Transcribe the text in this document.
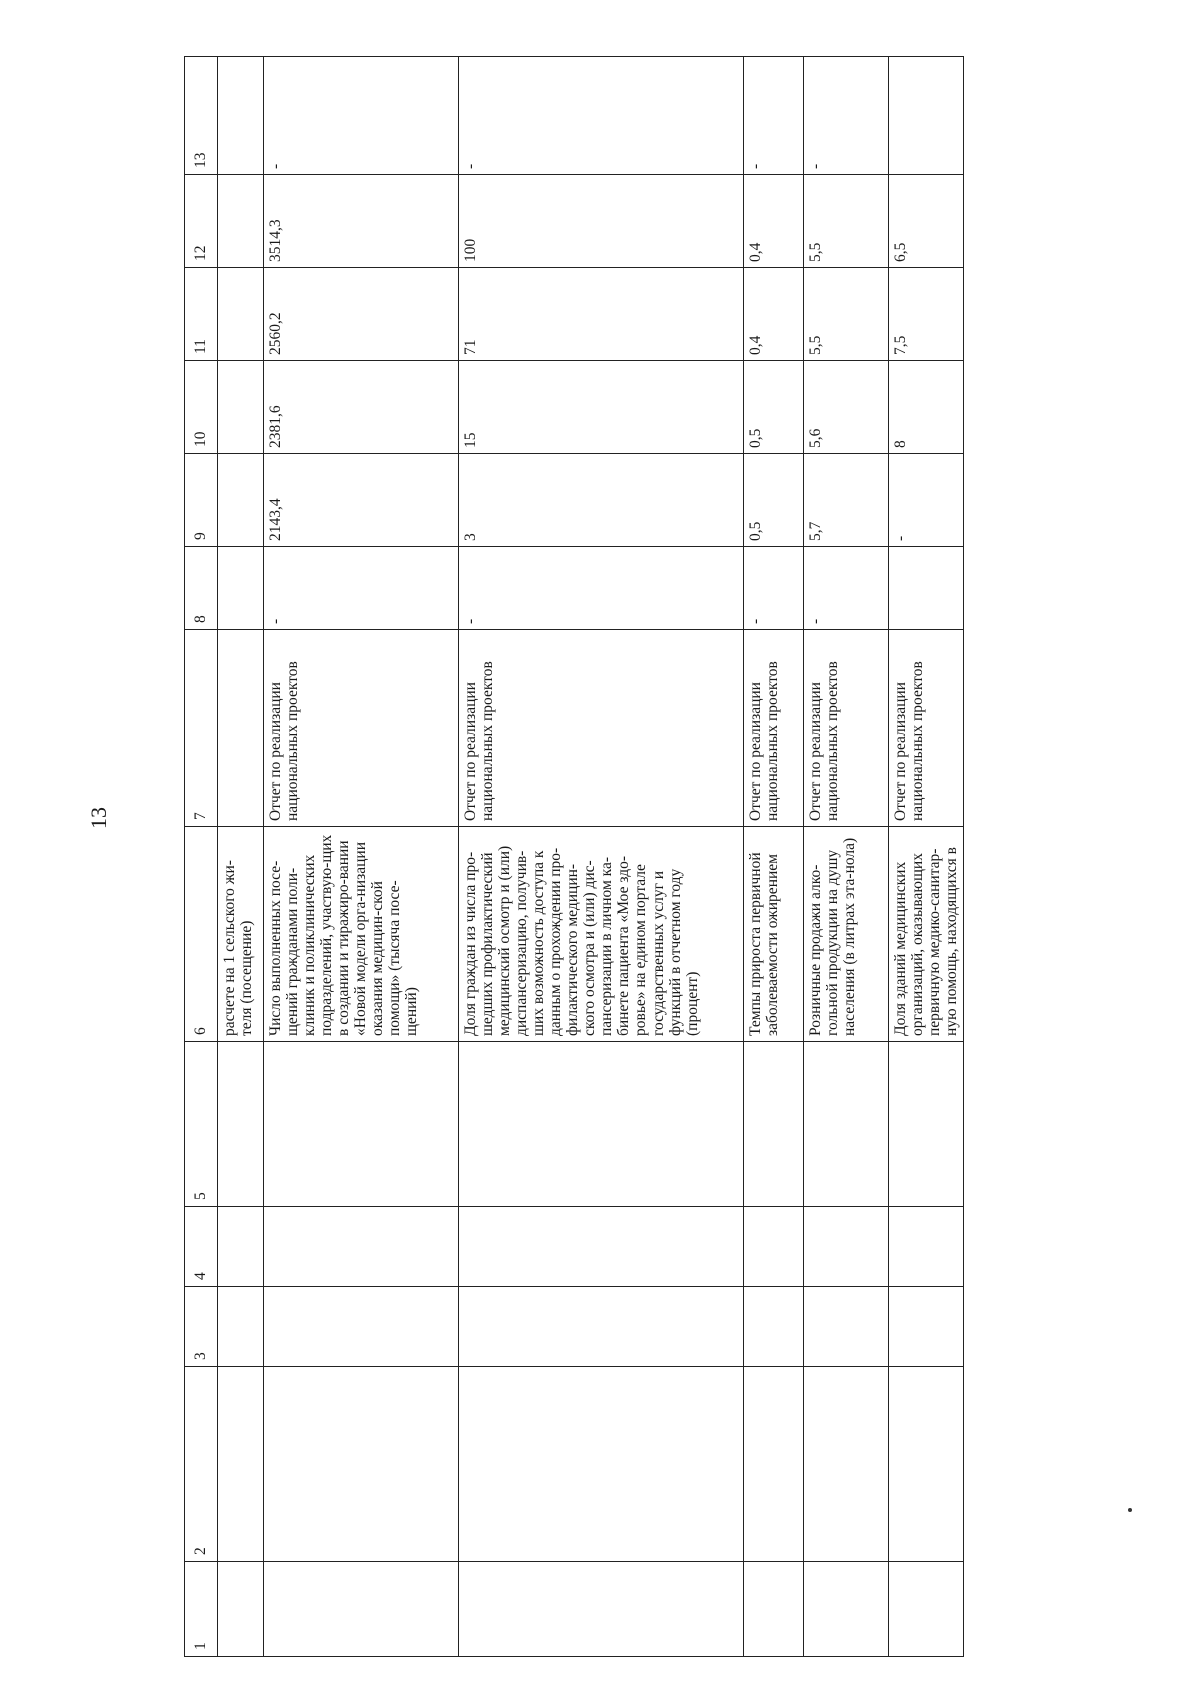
13
1	2	3	4	5	6	7	8	9	10	11	12	13
					расчете на 1 сельского жи-теля (посещение)							
					Число выполненных посе-щений гражданами поли-клиник и поликлинических подразделений, участвую-щих в создании и тиражиро-вании «Новой модели орга-низации оказания медицин-ской помощи» (тысяча посе-щений)	Отчет по реализации национальных проектов	-	2143,4	2381,6	2560,2	3514,3	-
					Доля граждан из числа про-шедших профилактический медицинский осмотр и (или) диспансеризацию, получив-ших возможность доступа к данным о прохождении про-филактического медицин-ского осмотра и (или) дис-пансеризации в личном ка-бинете пациента «Мое здо-ровье» на едином портале государственных услуг и функций в отчетном году (процент)	Отчет по реализации национальных проектов	-	3	15	71	100	-
					Темпы прироста первичной заболеваемости ожирением	Отчет по реализации национальных проектов	-	0,5	0,5	0,4	0,4	-
					Розничные продажи алко-гольной продукции на душу населения (в литрах эта-нола)	Отчет по реализации национальных проектов	-	5,7	5,6	5,5	5,5	-
					Доля зданий медицинских организаций, оказывающих первичную медико-санитар-ную помощь, находящихся в	Отчет по реализации национальных проектов		-	8	7,5	6,5	
